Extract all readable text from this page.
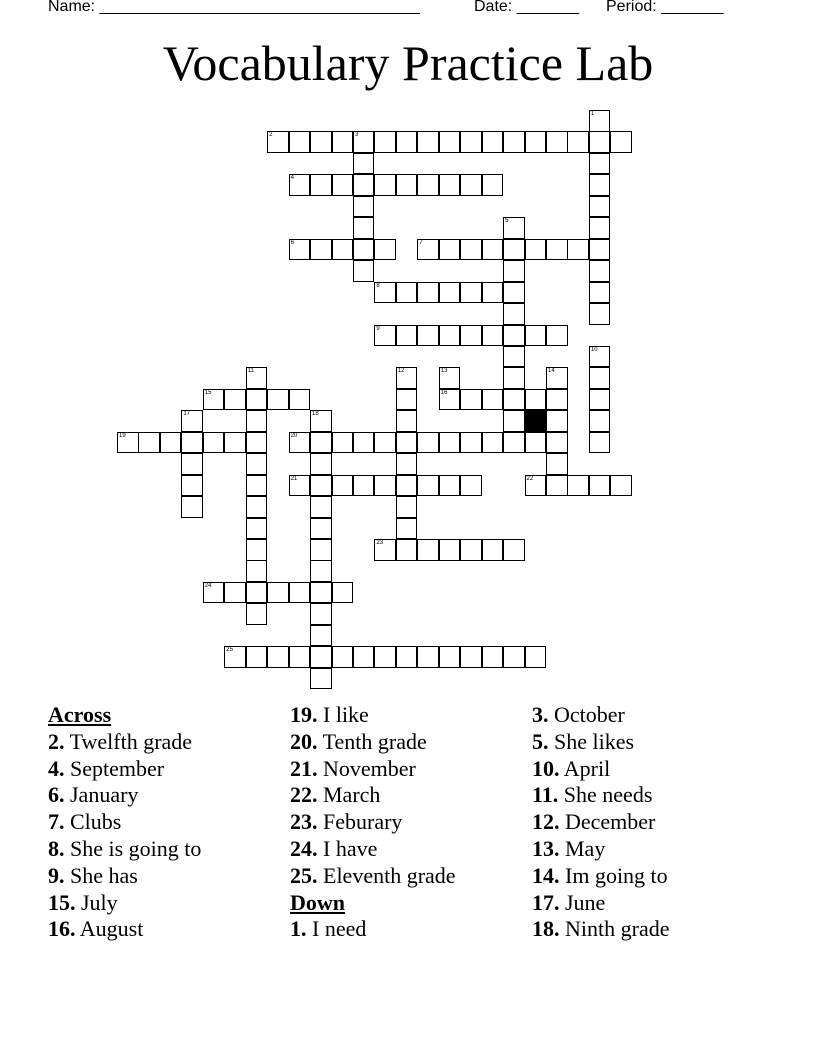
Name: ____________________________________

	Date: _______

Period: _______

Vocabulary Practice Lab
2
4
6	7
8
9
15	16
19	20
21	22
23
24
25
1
3
5
10
11	12	13	14
17	18
Across
2. Twelfth grade
4. September
6. January
7. Clubs
8. She is going to
9. She has
15. July
16. August
19. I like
20. Tenth grade
21. November
22. March
23. Feburary
24. I have
25. Eleventh grade
Down
1. I need
3. October
5. She likes
10. April
11. She needs
12. December
13. May
14. Im going to
17. June
18. Ninth grade
